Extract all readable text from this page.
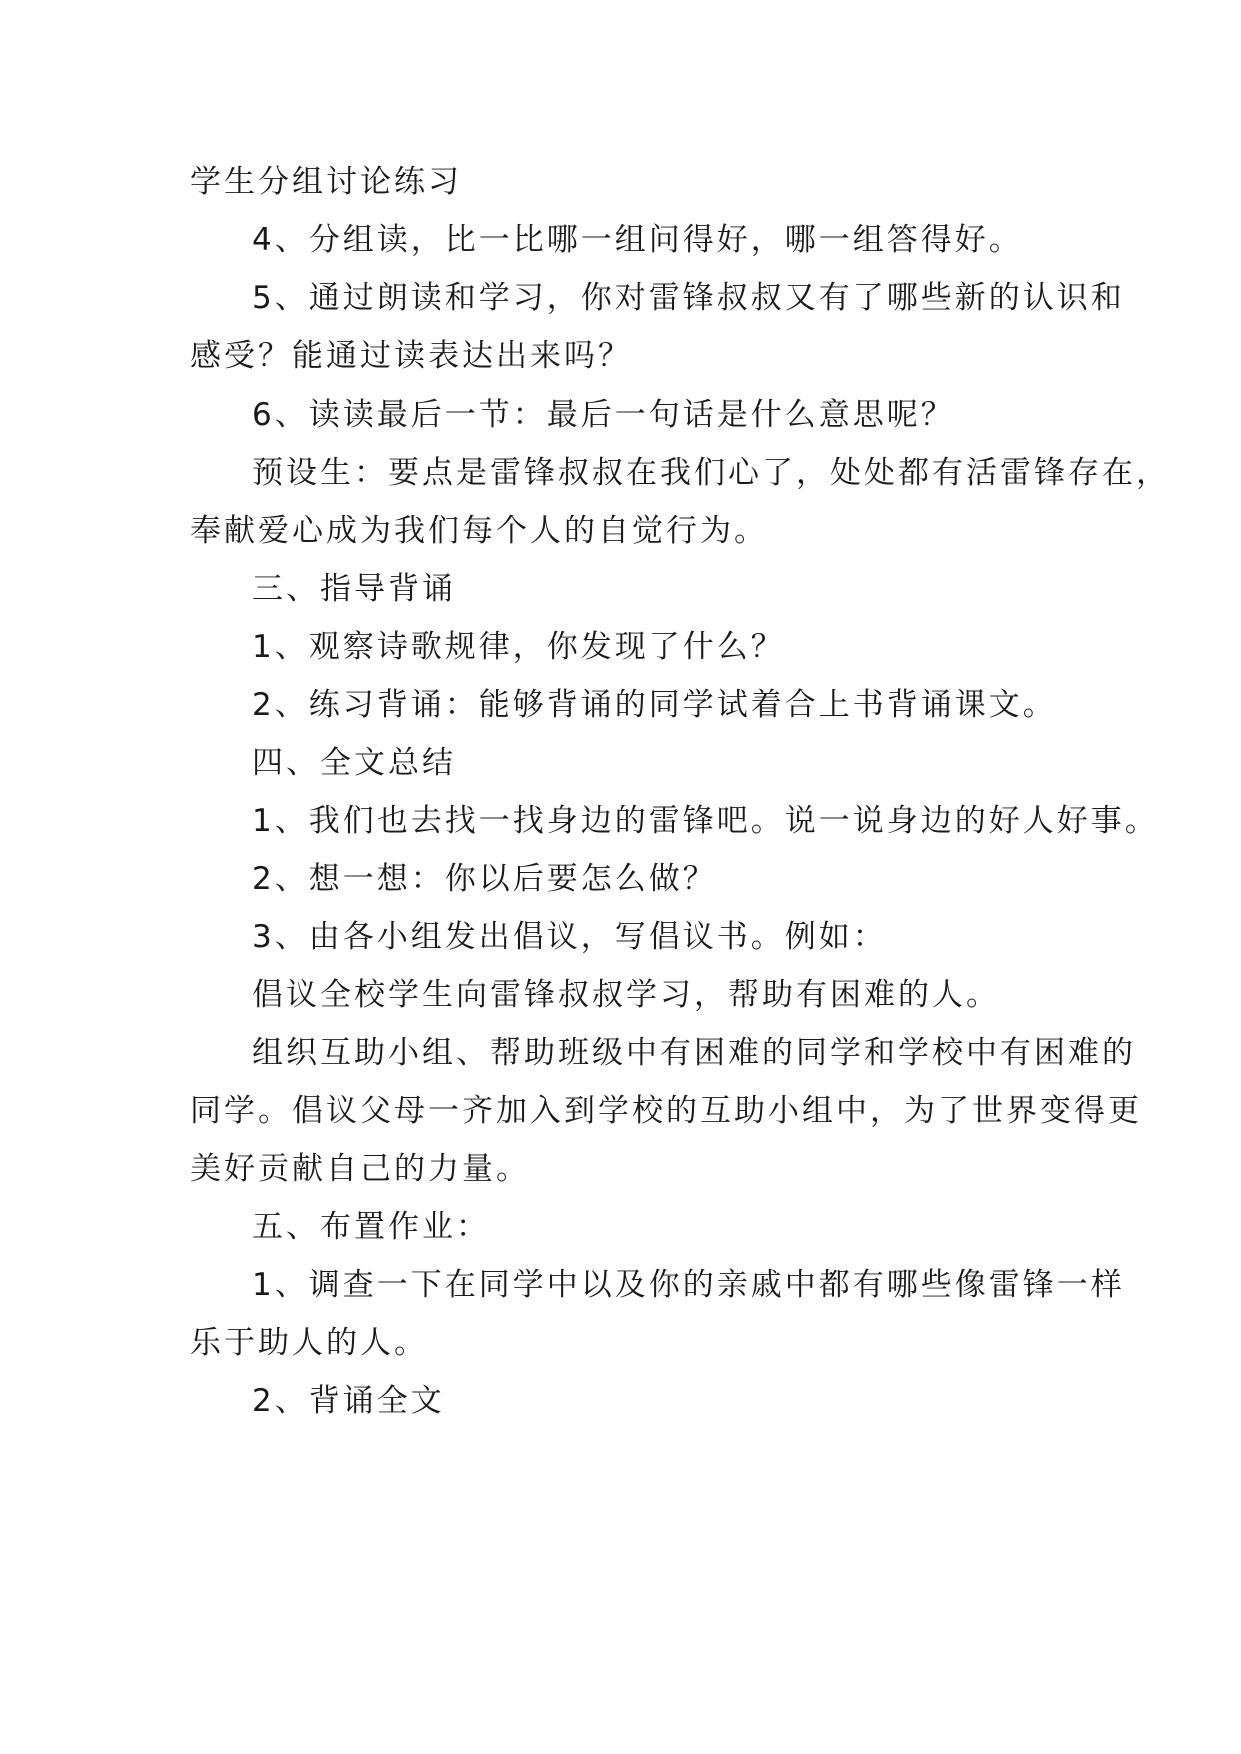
学生分组讨论练习
4、分组读，比一比哪一组问得好，哪一组答得好。
5、通过朗读和学习，你对雷锋叔叔又有了哪些新的认识和
感受？能通过读表达出来吗？
6、读读最后一节：最后一句话是什么意思呢？
预设生：要点是雷锋叔叔在我们心了，处处都有活雷锋存在，
奉献爱心成为我们每个人的自觉行为。
三、指导背诵
1、观察诗歌规律，你发现了什么？
2、练习背诵：能够背诵的同学试着合上书背诵课文。
四、全文总结
1、我们也去找一找身边的雷锋吧。说一说身边的好人好事。
2、想一想：你以后要怎么做？
3、由各小组发出倡议，写倡议书。例如：
倡议全校学生向雷锋叔叔学习，帮助有困难的人。
组织互助小组、帮助班级中有困难的同学和学校中有困难的
同学。倡议父母一齐加入到学校的互助小组中，为了世界变得更
美好贡献自己的力量。
五、布置作业：
1、调查一下在同学中以及你的亲戚中都有哪些像雷锋一样
乐于助人的人。
2、背诵全文
